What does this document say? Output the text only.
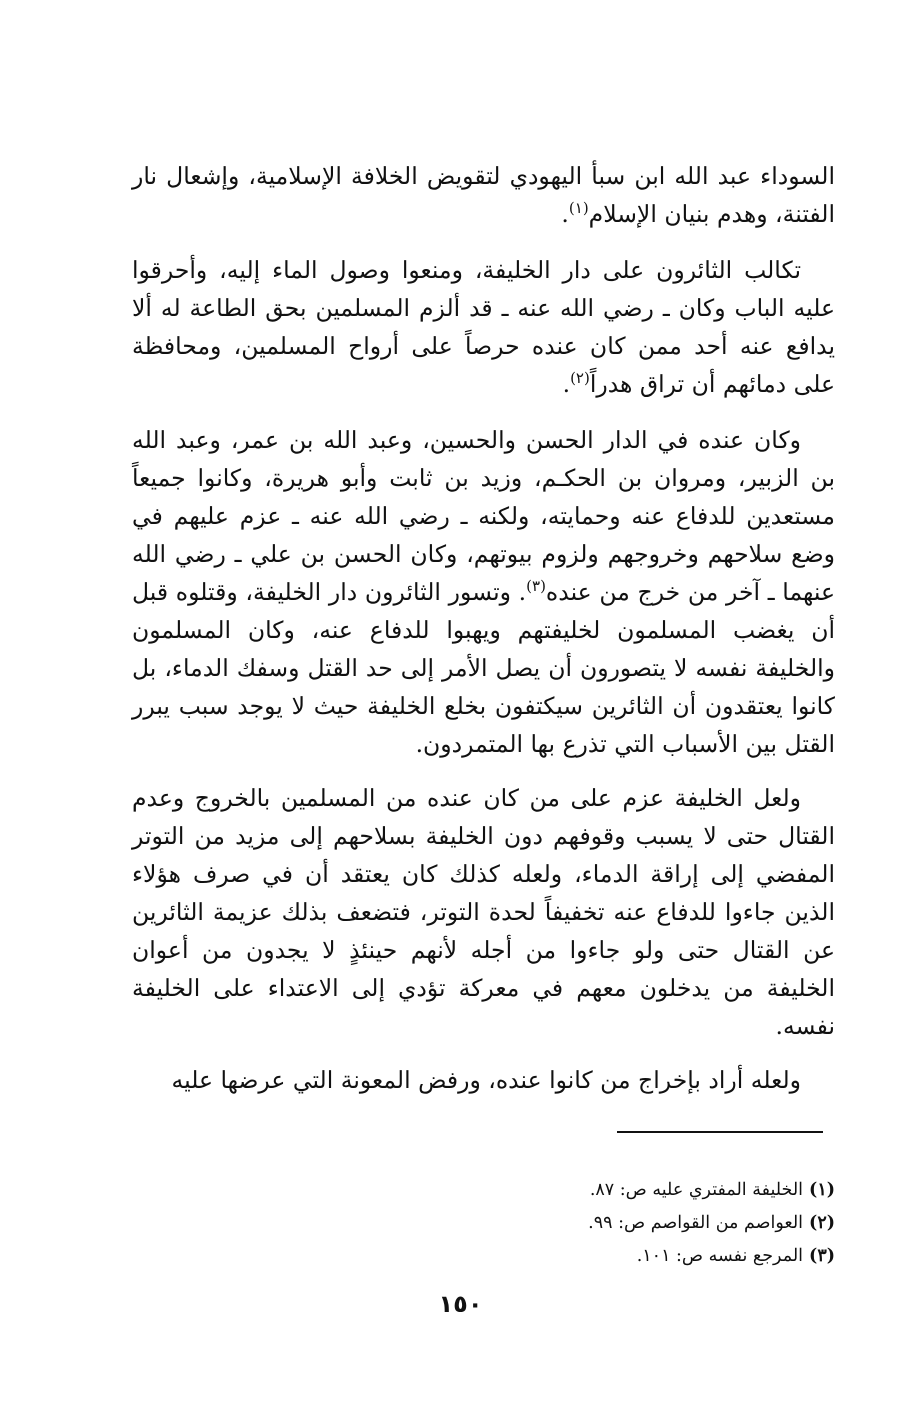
السوداء عبد الله ابن سبأ اليهودي لتقويض الخلافة الإسلامية، وإشعال نار الفتنة، وهدم بنيان الإسلام$^{(١)}$.

تكالب الثائرون على دار الخليفة، ومنعوا وصول الماء إليه، وأحرقوا عليه الباب وكان ـ رضي الله عنه ـ قد ألزم المسلمين بحق الطاعة له ألا يدافع عنه أحد ممن كان عنده حرصاً على أرواح المسلمين، ومحافظة على دمائهم أن تراق هدراً$^{(٢)}$.

وكان عنده في الدار الحسن والحسين، وعبد الله بن عمر، وعبد الله بن الزبير، ومروان بن الحكـم، وزيد بن ثابت وأبو هريرة، وكانوا جميعاً مستعدين للدفاع عنه وحمايته، ولكنه ـ رضي الله عنه ـ عزم عليهم في وضع سلاحهم وخروجهم ولزوم بيوتهم، وكان الحسن بن علي ـ رضي الله عنهما ـ آخر من خرج من عنده$^{(٣)}$. وتسور الثائرون دار الخليفة، وقتلوه قبل أن يغضب المسلمون لخليفتهم ويهبوا للدفاع عنه، وكان المسلمون والخليفة نفسه لا يتصورون أن يصل الأمر إلى حد القتل وسفك الدماء، بل كانوا يعتقدون أن الثائرين سيكتفون بخلع الخليفة حيث لا يوجد سبب يبرر القتل بين الأسباب التي تذرع بها المتمردون.

ولعل الخليفة عزم على من كان عنده من المسلمين بالخروج وعدم القتال حتى لا يسبب وقوفهم دون الخليفة بسلاحهم إلى مزيد من التوتر المفضي إلى إراقة الدماء، ولعله كذلك كان يعتقد أن في صرف هؤلاء الذين جاءوا للدفاع عنه تخفيفاً لحدة التوتر، فتضعف بذلك عزيمة الثائرين عن القتال حتى ولو جاءوا من أجله لأنهم حينئذٍ لا يجدون من أعوان الخليفة من يدخلون معهم في معركة تؤدي إلى الاعتداء على الخليفة نفسه.

ولعله أراد بإخراج من كانوا عنده، ورفض المعونة التي عرضها عليه

(١)الخليفة المفتري عليه ص: ٨٧.
(٢)العواصم من القواصم ص: ٩٩.
(٣)المرجع نفسه ص: ١٠١.
١٥٠
